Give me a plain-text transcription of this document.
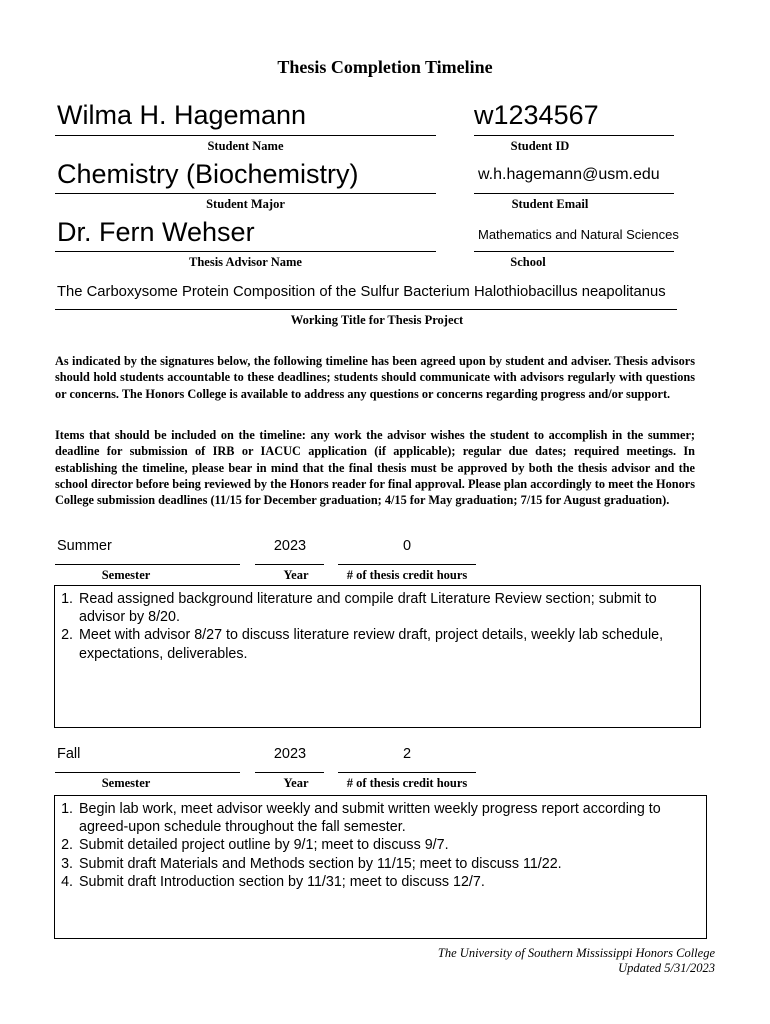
Thesis Completion Timeline
Wilma H. Hagemann
Student Name
w1234567
Student ID
Chemistry (Biochemistry)
Student Major
w.h.hagemann@usm.edu
Student Email
Dr. Fern Wehser
Thesis Advisor Name
Mathematics and Natural Sciences
School
The Carboxysome Protein Composition of the Sulfur Bacterium Halothiobacillus neapolitanus
Working Title for Thesis Project
As indicated by the signatures below, the following timeline has been agreed upon by student and adviser. Thesis advisors should hold students accountable to these deadlines; students should communicate with advisors regularly with questions or concerns. The Honors College is available to address any questions or concerns regarding progress and/or support.
Items that should be included on the timeline: any work the advisor wishes the student to accomplish in the summer; deadline for submission of IRB or IACUC application (if applicable); regular due dates; required meetings. In establishing the timeline, please bear in mind that the final thesis must be approved by both the thesis advisor and the school director before being reviewed by the Honors reader for final approval. Please plan accordingly to meet the Honors College submission deadlines (11/15 for December graduation; 4/15 for May graduation; 7/15 for August graduation).
Summer
Semester
2023
Year
0
# of thesis credit hours
1. Read assigned background literature and compile draft Literature Review section; submit to advisor by 8/20.
2. Meet with advisor 8/27 to discuss literature review draft, project details, weekly lab schedule, expectations, deliverables.
Fall
Semester
2023
Year
2
# of thesis credit hours
1. Begin lab work, meet advisor weekly and submit written weekly progress report according to agreed-upon schedule throughout the fall semester.
2. Submit detailed project outline by 9/1; meet to discuss 9/7.
3. Submit draft Materials and Methods section by 11/15; meet to discuss 11/22.
4. Submit draft Introduction section by 11/31; meet to discuss 12/7.
The University of Southern Mississippi Honors College
Updated 5/31/2023
